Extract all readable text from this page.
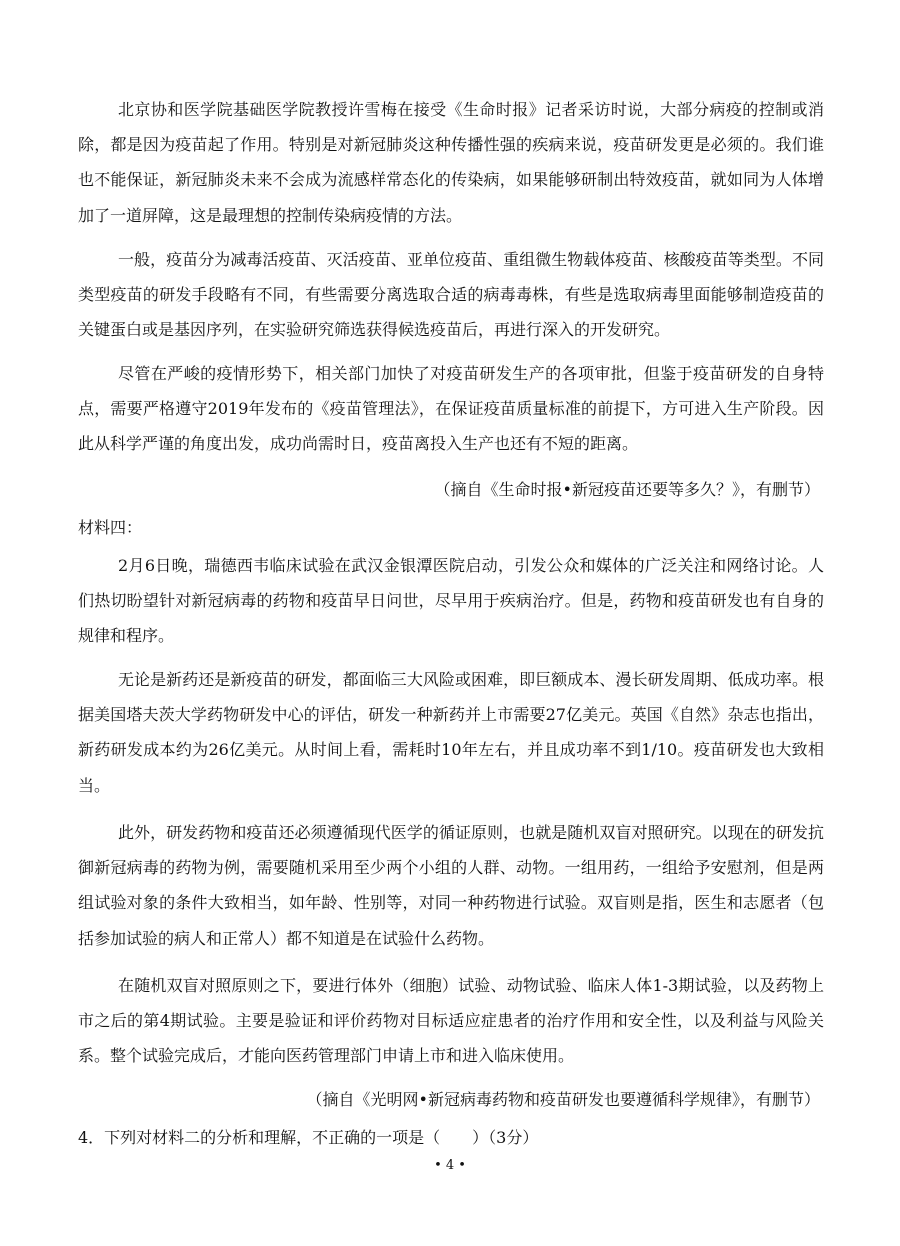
北京协和医学院基础医学院教授许雪梅在接受《生命时报》记者采访时说，大部分病疫的控制或消除，都是因为疫苗起了作用。特别是对新冠肺炎这种传播性强的疾病来说，疫苗研发更是必须的。我们谁也不能保证，新冠肺炎未来不会成为流感样常态化的传染病，如果能够研制出特效疫苗，就如同为人体增加了一道屏障，这是最理想的控制传染病疫情的方法。
一般，疫苗分为减毒活疫苗、灭活疫苗、亚单位疫苗、重组微生物载体疫苗、核酸疫苗等类型。不同类型疫苗的研发手段略有不同，有些需要分离选取合适的病毒毒株，有些是选取病毒里面能够制造疫苗的关键蛋白或是基因序列，在实验研究筛选获得候选疫苗后，再进行深入的开发研究。
尽管在严峻的疫情形势下，相关部门加快了对疫苗研发生产的各项审批，但鉴于疫苗研发的自身特点，需要严格遵守2019年发布的《疫苗管理法》，在保证疫苗质量标准的前提下，方可进入生产阶段。因此从科学严谨的角度出发，成功尚需时日，疫苗离投入生产也还有不短的距离。
（摘自《生命时报•新冠疫苗还要等多久？》，有删节）
材料四：
2月6日晚，瑞德西韦临床试验在武汉金银潭医院启动，引发公众和媒体的广泛关注和网络讨论。人们热切盼望针对新冠病毒的药物和疫苗早日问世，尽早用于疾病治疗。但是，药物和疫苗研发也有自身的规律和程序。
无论是新药还是新疫苗的研发，都面临三大风险或困难，即巨额成本、漫长研发周期、低成功率。根据美国塔夫茨大学药物研发中心的评估，研发一种新药并上市需要27亿美元。英国《自然》杂志也指出，新药研发成本约为26亿美元。从时间上看，需耗时10年左右，并且成功率不到1/10。疫苗研发也大致相当。
此外，研发药物和疫苗还必须遵循现代医学的循证原则，也就是随机双盲对照研究。以现在的研发抗御新冠病毒的药物为例，需要随机采用至少两个小组的人群、动物。一组用药，一组给予安慰剂，但是两组试验对象的条件大致相当，如年龄、性别等，对同一种药物进行试验。双盲则是指，医生和志愿者（包括参加试验的病人和正常人）都不知道是在试验什么药物。
在随机双盲对照原则之下，要进行体外（细胞）试验、动物试验、临床人体1-3期试验，以及药物上市之后的第4期试验。主要是验证和评价药物对目标适应症患者的治疗作用和安全性，以及利益与风险关系。整个试验完成后，才能向医药管理部门申请上市和进入临床使用。
（摘自《光明网•新冠病毒药物和疫苗研发也要遵循科学规律》，有删节）
4．下列对材料二的分析和理解，不正确的一项是（　　）（3分）
• 4 •
